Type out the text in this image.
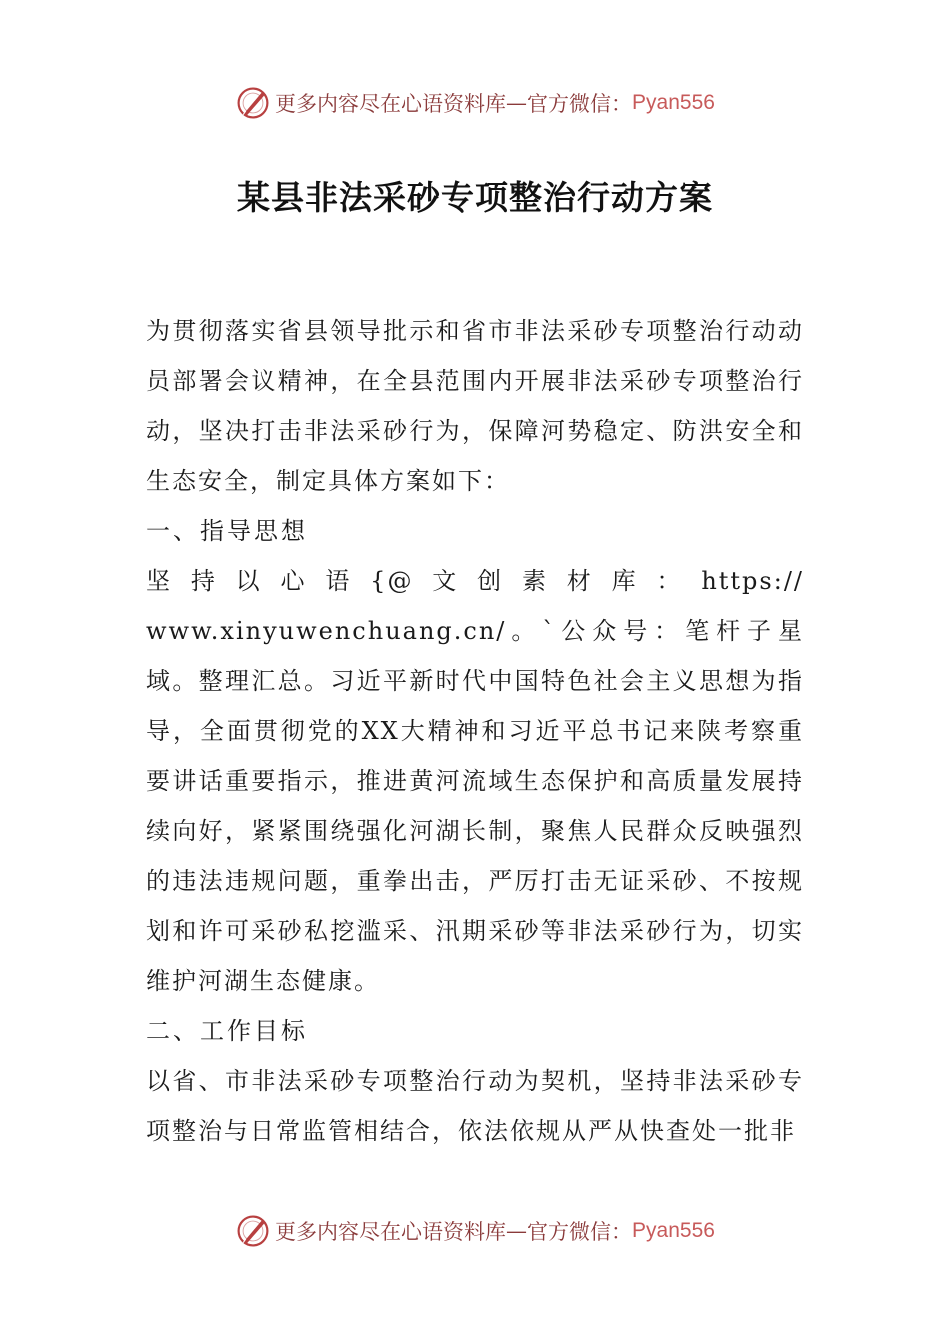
更多内容尽在心语资料库 — 官方微信： Pyan556
某县非法采砂专项整治行动方案

为贯彻落实省县领导批示和省市非法采砂专项整治行动动员部署会议精神，在全县范围内开展非法采砂专项整治行动，坚决打击非法采砂行为，保障河势稳定、防洪安全和生态安全，制定具体方案如下：

一、指导思想

坚持以心语{@文创素材库：https://

www.xinyuwenchuang.cn/。`公众号：笔杆子星域。整理汇总。习近平新时代中国特色社会主义思想为指导，全面贯彻党的XX大精神和习近平总书记来陕考察重要讲话重要指示，推进黄河流域生态保护和高质量发展持续向好，紧紧围绕强化河湖长制，聚焦人民群众反映强烈的违法违规问题，重拳出击，严厉打击无证采砂、不按规划和许可采砂私挖滥采、汛期采砂等非法采砂行为，切实维护河湖生态健康。

二、工作目标

以省、市非法采砂专项整治行动为契机，坚持非法采砂专项整治与日常监管相结合，依法依规从严从快查处一批非

更多内容尽在心语资料库 — 官方微信： Pyan556
